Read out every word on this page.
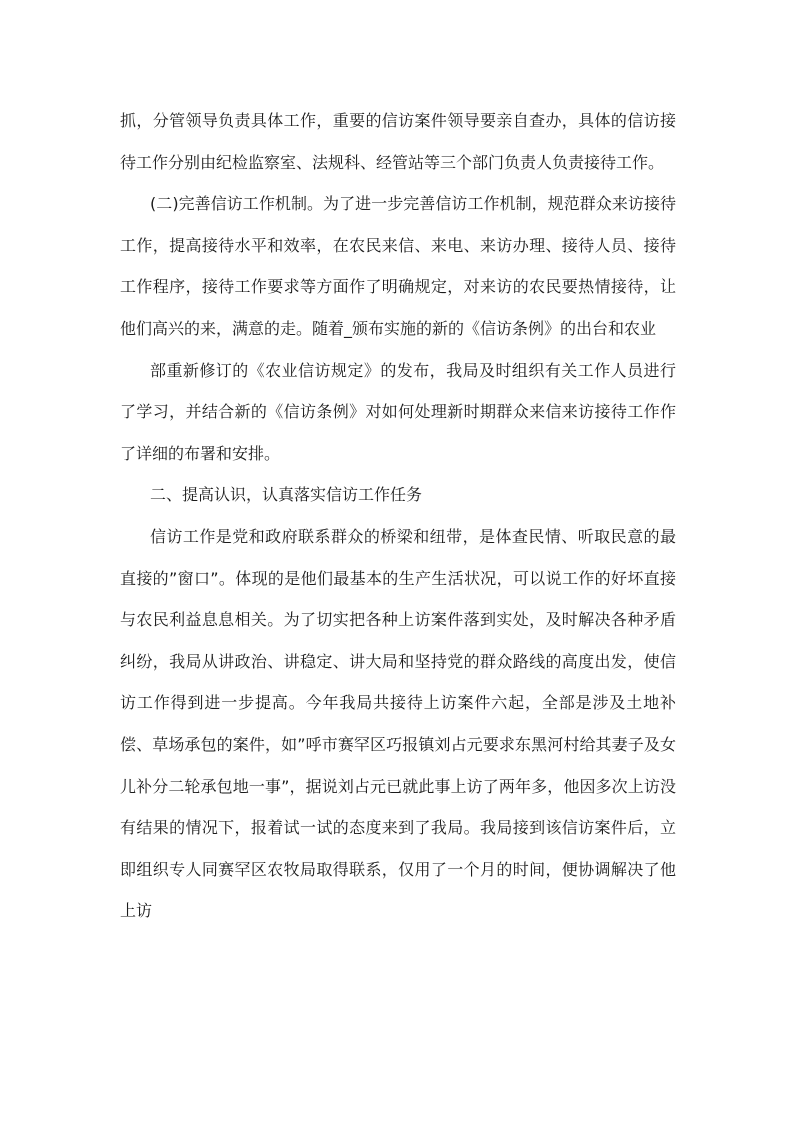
抓，分管领导负责具体工作，重要的信访案件领导要亲自查办，具体的信访接待工作分别由纪检监察室、法规科、经管站等三个部门负责人负责接待工作。

(二)完善信访工作机制。为了进一步完善信访工作机制，规范群众来访接待工作，提高接待水平和效率，在农民来信、来电、来访办理、接待人员、接待工作程序，接待工作要求等方面作了明确规定，对来访的农民要热情接待，让他们高兴的来，满意的走。随着_颁布实施的新的《信访条例》的出台和农业

部重新修订的《农业信访规定》的发布，我局及时组织有关工作人员进行了学习，并结合新的《信访条例》对如何处理新时期群众来信来访接待工作作了详细的布署和安排。

二、提高认识，认真落实信访工作任务

信访工作是党和政府联系群众的桥梁和纽带，是体查民情、听取民意的最直接的”窗口”。体现的是他们最基本的生产生活状况，可以说工作的好坏直接与农民利益息息相关。为了切实把各种上访案件落到实处，及时解决各种矛盾纠纷，我局从讲政治、讲稳定、讲大局和坚持党的群众路线的高度出发，使信访工作得到进一步提高。今年我局共接待上访案件六起，全部是涉及土地补偿、草场承包的案件，如”呼市赛罕区巧报镇刘占元要求东黑河村给其妻子及女儿补分二轮承包地一事”，据说刘占元已就此事上访了两年多，他因多次上访没有结果的情况下，报着试一试的态度来到了我局。我局接到该信访案件后，立即组织专人同赛罕区农牧局取得联系，仅用了一个月的时间，便协调解决了他上访
